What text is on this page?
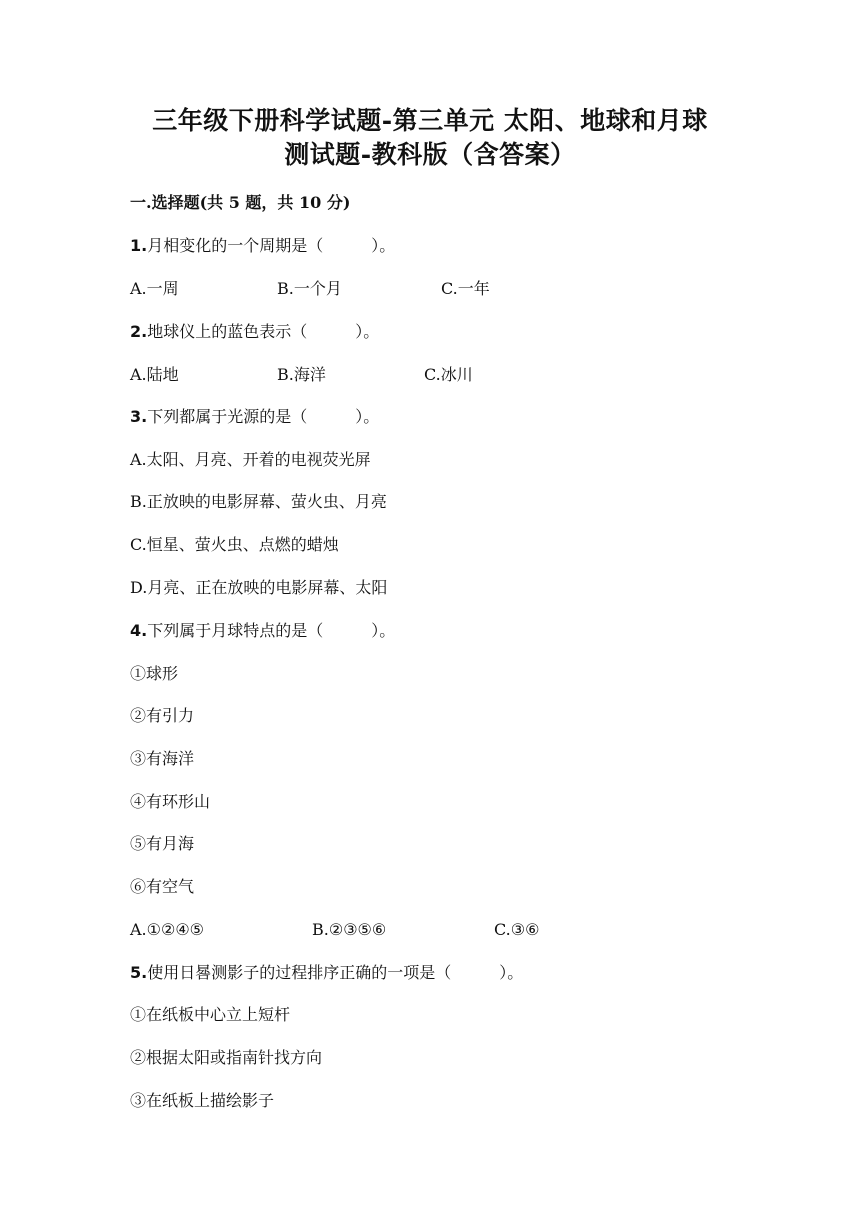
三年级下册科学试题-第三单元 太阳、地球和月球
测试题-教科版（含答案）
一.选择题(共 5 题，共 10 分)
1.月相变化的一个周期是（　　　）。
A.一周	B.一个月	C.一年
2.地球仪上的蓝色表示（　　　）。
A.陆地	B.海洋	C.冰川
3.下列都属于光源的是（　　　）。
A.太阳、月亮、开着的电视荧光屏
B.正放映的电影屏幕、萤火虫、月亮
C.恒星、萤火虫、点燃的蜡烛
D.月亮、正在放映的电影屏幕、太阳
4.下列属于月球特点的是（　　　）。
①球形
②有引力
③有海洋
④有环形山
⑤有月海
⑥有空气
A.①②④⑤	B.②③⑤⑥	C.③⑥
5.使用日晷测影子的过程排序正确的一项是（　　　）。
①在纸板中心立上短杆
②根据太阳或指南针找方向
③在纸板上描绘影子
